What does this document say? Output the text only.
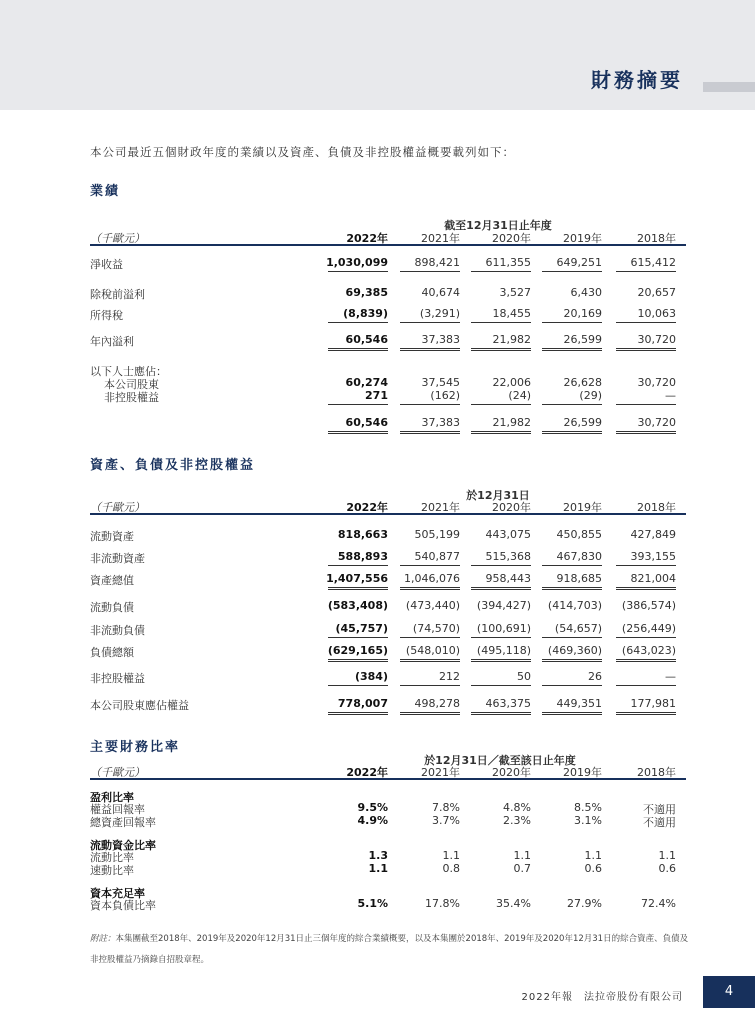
財務摘要
本公司最近五個財政年度的業績以及資產、負債及非控股權益概要載列如下：
業績
資產、負債及非控股權益
主要財務比率
截至12月31日止年度
於12月31日
於12月31日／截至該日止年度
（千歐元）	2022年	2021年	2020年	2019年	2018年
淨收益	1,030,099	898,421	611,355	649,251	615,412
除稅前溢利	69,385	40,674	3,527	6,430	20,657
所得稅	(8,839)	(3,291)	18,455	20,169	10,063
年內溢利	60,546	37,383	21,982	26,599	30,720
以下人士應佔：
本公司股東	60,274	37,545	22,006	26,628	30,720
非控股權益	271	(162)	(24)	(29)	—
60,546	37,383	21,982	26,599	30,720
（千歐元）	2022年	2021年	2020年	2019年	2018年
流動資產	818,663	505,199	443,075	450,855	427,849
非流動資產	588,893	540,877	515,368	467,830	393,155
資產總值	1,407,556	1,046,076	958,443	918,685	821,004
流動負債	(583,408)	(473,440)	(394,427)	(414,703)	(386,574)
非流動負債	(45,757)	(74,570)	(100,691)	(54,657)	(256,449)
負債總額	(629,165)	(548,010)	(495,118)	(469,360)	(643,023)
非控股權益	(384)	212	50	26	—
本公司股東應佔權益	778,007	498,278	463,375	449,351	177,981
（千歐元）	2022年	2021年	2020年	2019年	2018年
盈利比率
權益回報率	9.5%	7.8%	4.8%	8.5%	不適用
總資產回報率	4.9%	3.7%	2.3%	3.1%	不適用
流動資金比率
流動比率	1.3	1.1	1.1	1.1	1.1
速動比率	1.1	0.8	0.7	0.6	0.6
資本充足率
資本負債比率	5.1%	17.8%	35.4%	27.9%	72.4%
附註：本集團截至2018年、2019年及2020年12月31日止三個年度的綜合業績概要，以及本集團於2018年、2019年及2020年12月31日的綜合資產、負債及非控股權益乃摘錄自招股章程。
2022年報　法拉帝股份有限公司	4
